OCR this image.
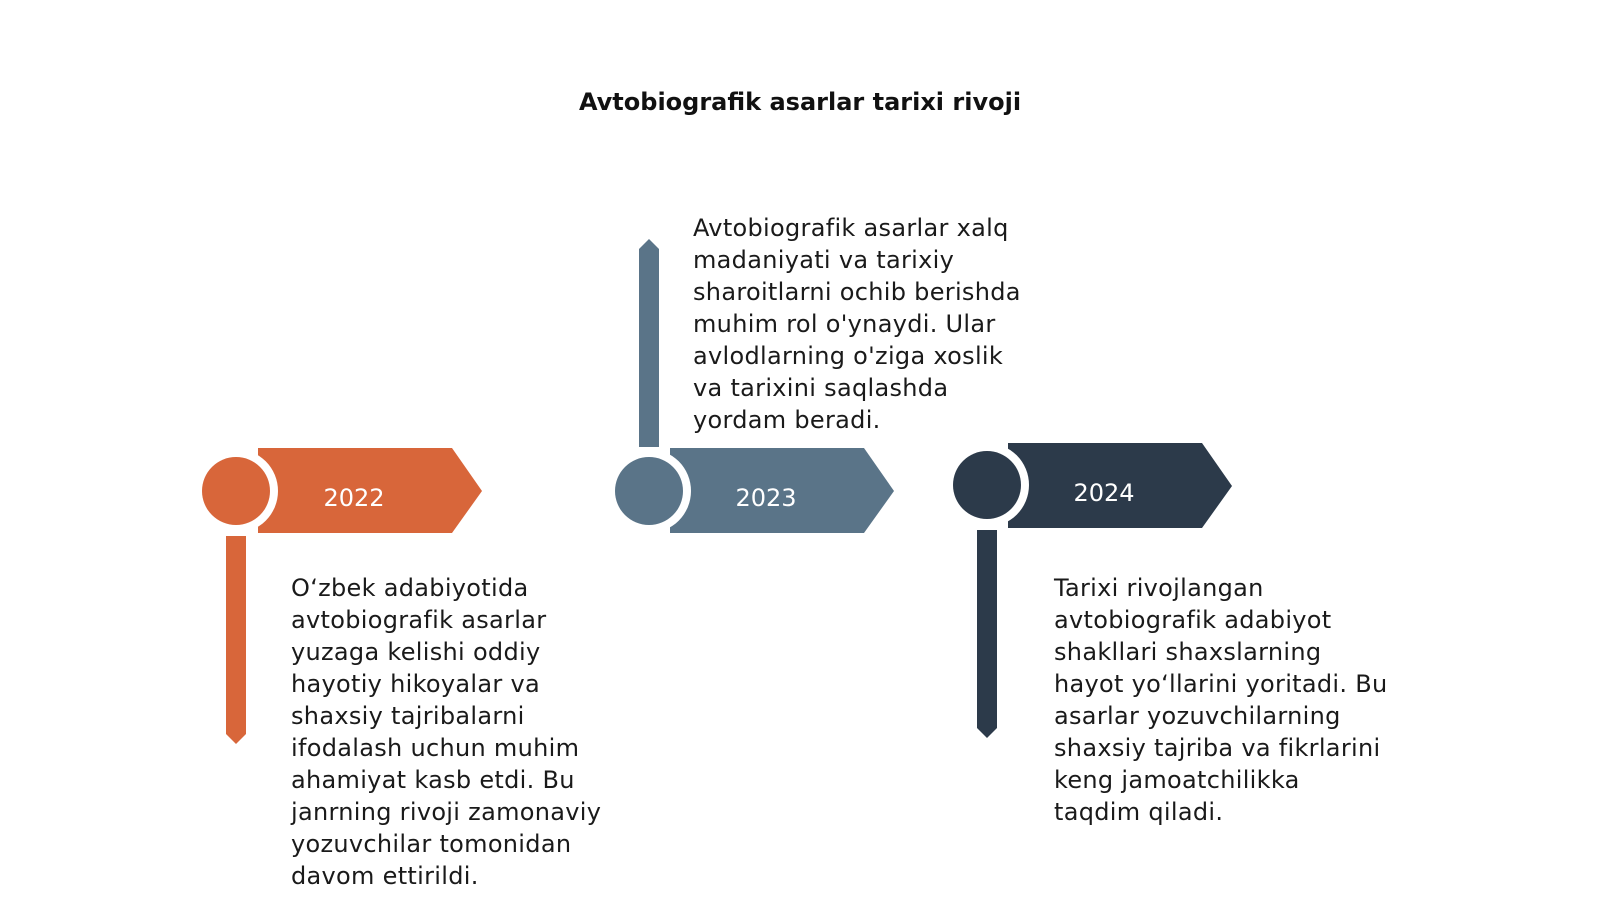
Avtobiografik asarlar tarixi rivoji
2022	2023	2024
O‘zbek adabiyotida
avtobiografik asarlar
yuzaga kelishi oddiy
hayotiy hikoyalar va
shaxsiy tajribalarni
ifodalash uchun muhim
ahamiyat kasb etdi. Bu
janrning rivoji zamonaviy
yozuvchilar tomonidan
davom ettirildi.
Avtobiografik asarlar xalq
madaniyati va tarixiy
sharoitlarni ochib berishda
muhim rol o'ynaydi. Ular
avlodlarning o'ziga xoslik
va tarixini saqlashda
yordam beradi.
Tarixi rivojlangan
avtobiografik adabiyot
shakllari shaxslarning
hayot yo‘llarini yoritadi. Bu
asarlar yozuvchilarning
shaxsiy tajriba va fikrlarini
keng jamoatchilikka
taqdim qiladi.
